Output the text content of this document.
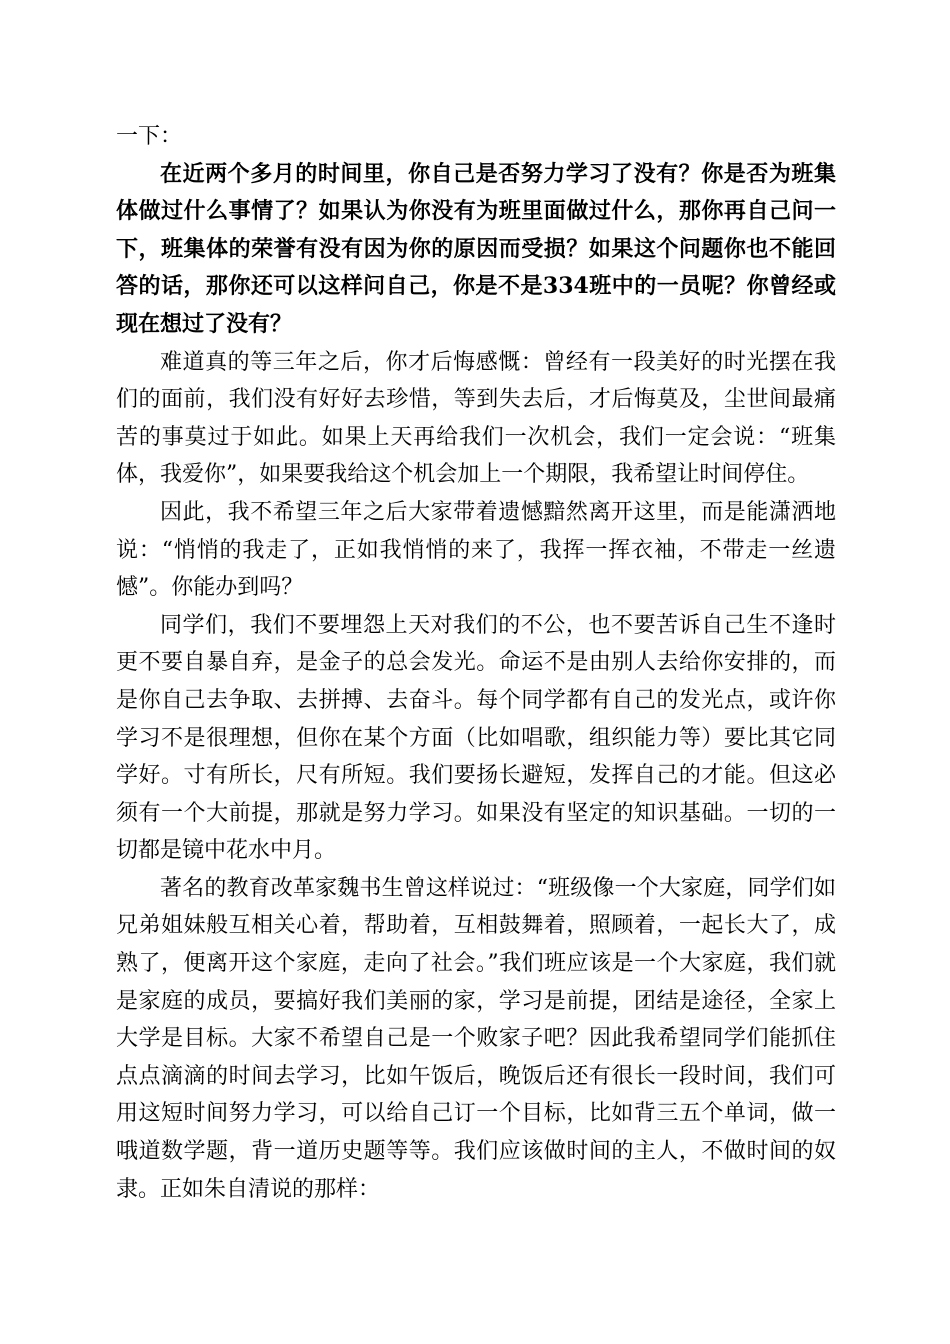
一下：

在近两个多月的时间里，你自己是否努力学习了没有？你是否为班集体做过什么事情了？如果认为你没有为班里面做过什么，那你再自己问一下，班集体的荣誉有没有因为你的原因而受损？如果这个问题你也不能回答的话，那你还可以这样问自己，你是不是334班中的一员呢？你曾经或现在想过了没有？

难道真的等三年之后，你才后悔感慨：曾经有一段美好的时光摆在我们的面前，我们没有好好去珍惜，等到失去后，才后悔莫及，尘世间最痛苦的事莫过于如此。如果上天再给我们一次机会，我们一定会说：“班集体，我爱你”，如果要我给这个机会加上一个期限，我希望让时间停住。

因此，我不希望三年之后大家带着遗憾黯然离开这里，而是能潇洒地说：“悄悄的我走了，正如我悄悄的来了，我挥一挥衣袖，不带走一丝遗憾”。你能办到吗？

同学们，我们不要埋怨上天对我们的不公，也不要苦诉自己生不逢时更不要自暴自弃，是金子的总会发光。命运不是由别人去给你安排的，而是你自己去争取、去拼搏、去奋斗。每个同学都有自己的发光点，或许你学习不是很理想，但你在某个方面（比如唱歌，组织能力等）要比其它同学好。寸有所长，尺有所短。我们要扬长避短，发挥自己的才能。但这必须有一个大前提，那就是努力学习。如果没有坚定的知识基础。一切的一切都是镜中花水中月。

著名的教育改革家魏书生曾这样说过：“班级像一个大家庭，同学们如兄弟姐妹般互相关心着，帮助着，互相鼓舞着，照顾着，一起长大了，成熟了，便离开这个家庭，走向了社会。”我们班应该是一个大家庭，我们就是家庭的成员，要搞好我们美丽的家，学习是前提，团结是途径，全家上大学是目标。大家不希望自己是一个败家子吧？因此我希望同学们能抓住点点滴滴的时间去学习，比如午饭后，晚饭后还有很长一段时间，我们可用这短时间努力学习，可以给自己订一个目标，比如背三五个单词，做一哦道数学题，背一道历史题等等。我们应该做时间的主人，不做时间的奴隶。正如朱自清说的那样：
